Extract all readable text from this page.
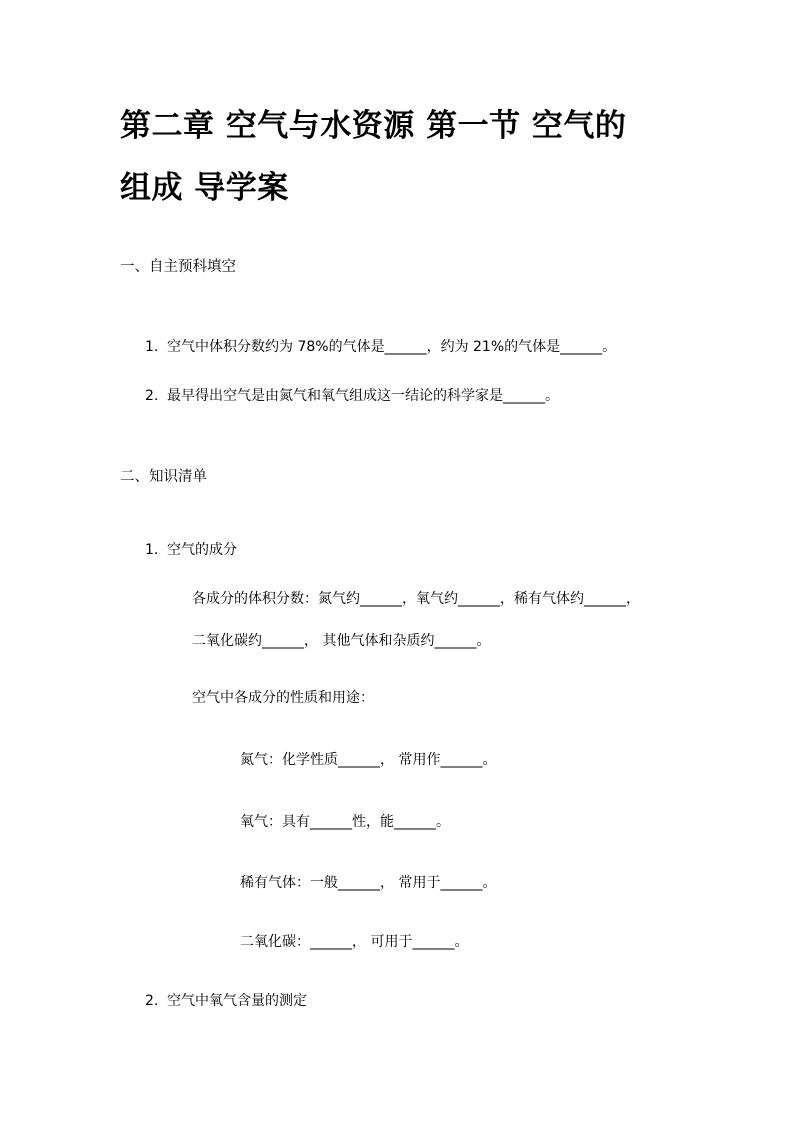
第二章 空气与水资源 第一节 空气的
组成 导学案
一、自主预科填空
1. 空气中体积分数约为 78%的气体是______，约为 21%的气体是______。
2. 最早得出空气是由氮气和氧气组成这一结论的科学家是______。
二、知识清单
1. 空气的成分
各成分的体积分数：氮气约______，氧气约______，稀有气体约______，
二氧化碳约______， 其他气体和杂质约______。
空气中各成分的性质和用途：
氮气：化学性质______， 常用作______。
氧气：具有______性，能______。
稀有气体：一般______， 常用于______。
二氧化碳：______， 可用于______。
2. 空气中氧气含量的测定
